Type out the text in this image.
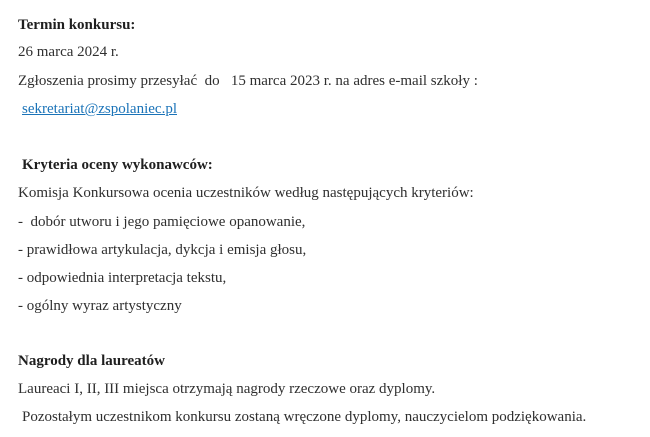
Termin konkursu:
26 marca 2024 r.
Zgłoszenia prosimy przesyłać  do   15 marca 2023 r. na adres e-mail szkoły :
sekretariat@zspolaniec.pl
Kryteria oceny wykonawców:
Komisja Konkursowa ocenia uczestników według następujących kryteriów:
-  dobór utworu i jego pamięciowe opanowanie,
- prawidłowa artykulacja, dykcja i emisja głosu,
- odpowiednia interpretacja tekstu,
- ogólny wyraz artystyczny
Nagrody dla laureatów
Laureaci I, II, III miejsca otrzymają nagrody rzeczowe oraz dyplomy.
Pozostałym uczestnikom konkursu zostaną wręczone dyplomy, nauczycielom podziękowania.
